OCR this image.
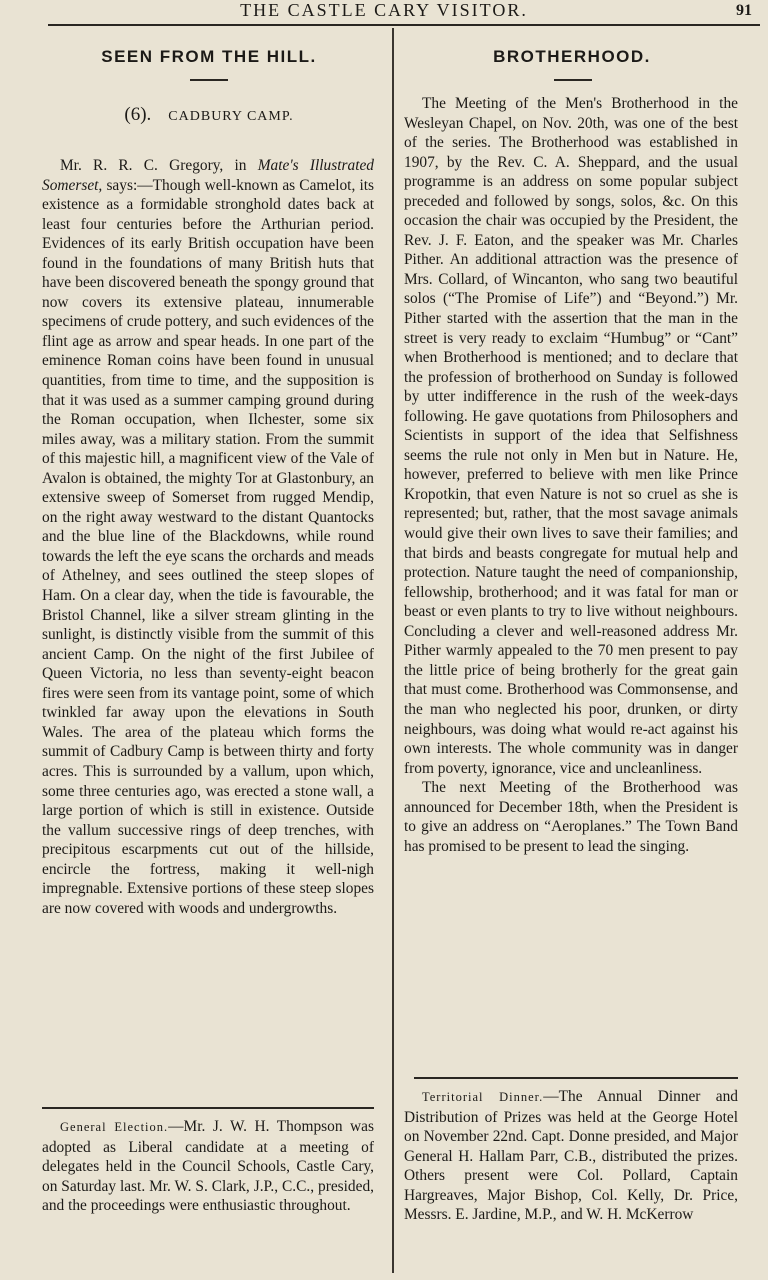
THE CASTLE CARY VISITOR.	91
SEEN FROM THE HILL.
(6). CADBURY CAMP.

Mr. R. R. C. Gregory, in Mate's Illustrated Somerset, says:—Though well-known as Camelot, its existence as a formidable stronghold dates back at least four centuries before the Arthurian period. Evidences of its early British occupation have been found in the foundations of many British huts that have been discovered beneath the spongy ground that now covers its extensive plateau, innumerable specimens of crude pottery, and such evidences of the flint age as arrow and spear heads. In one part of the eminence Roman coins have been found in unusual quantities, from time to time, and the supposition is that it was used as a summer camping ground during the Roman occupation, when Ilchester, some six miles away, was a military station. From the summit of this majestic hill, a magnificent view of the Vale of Avalon is obtained, the mighty Tor at Glastonbury, an extensive sweep of Somerset from rugged Mendip, on the right away westward to the distant Quantocks and the blue line of the Blackdowns, while round towards the left the eye scans the orchards and meads of Athelney, and sees outlined the steep slopes of Ham. On a clear day, when the tide is favourable, the Bristol Channel, like a silver stream glinting in the sunlight, is distinctly visible from the summit of this ancient Camp. On the night of the first Jubilee of Queen Victoria, no less than seventy-eight beacon fires were seen from its vantage point, some of which twinkled far away upon the elevations in South Wales. The area of the plateau which forms the summit of Cadbury Camp is between thirty and forty acres. This is surrounded by a vallum, upon which, some three centuries ago, was erected a stone wall, a large portion of which is still in existence. Outside the vallum successive rings of deep trenches, with precipitous escarpments cut out of the hillside, encircle the fortress, making it well-nigh impregnable. Extensive portions of these steep slopes are now covered with woods and undergrowths.

General Election.—Mr. J. W. H. Thompson was adopted as Liberal candidate at a meeting of delegates held in the Council Schools, Castle Cary, on Saturday last. Mr. W. S. Clark, J.P., C.C., presided, and the proceedings were enthusiastic throughout.

BROTHERHOOD.

The Meeting of the Men's Brotherhood in the Wesleyan Chapel, on Nov. 20th, was one of the best of the series. The Brotherhood was established in 1907, by the Rev. C. A. Sheppard, and the usual programme is an address on some popular subject preceded and followed by songs, solos, &c. On this occasion the chair was occupied by the President, the Rev. J. F. Eaton, and the speaker was Mr. Charles Pither. An additional attraction was the presence of Mrs. Collard, of Wincanton, who sang two beautiful solos (“The Promise of Life”) and “Beyond.”) Mr. Pither started with the assertion that the man in the street is very ready to exclaim “Humbug” or “Cant” when Brotherhood is mentioned; and to declare that the profession of brotherhood on Sunday is followed by utter indifference in the rush of the week-days following. He gave quotations from Philosophers and Scientists in support of the idea that Selfishness seems the rule not only in Men but in Nature. He, however, preferred to believe with men like Prince Kropotkin, that even Nature is not so cruel as she is represented; but, rather, that the most savage animals would give their own lives to save their families; and that birds and beasts congregate for mutual help and protection. Nature taught the need of companionship, fellowship, brotherhood; and it was fatal for man or beast or even plants to try to live without neighbours. Concluding a clever and well-reasoned address Mr. Pither warmly appealed to the 70 men present to pay the little price of being brotherly for the great gain that must come. Brotherhood was Commonsense, and the man who neglected his poor, drunken, or dirty neighbours, was doing what would re-act against his own interests. The whole community was in danger from poverty, ignorance, vice and uncleanliness.
The next Meeting of the Brotherhood was announced for December 18th, when the President is to give an address on “Aeroplanes.” The Town Band has promised to be present to lead the singing.

Territorial Dinner.—The Annual Dinner and Distribution of Prizes was held at the George Hotel on November 22nd. Capt. Donne presided, and Major General H. Hallam Parr, C.B., distributed the prizes. Others present were Col. Pollard, Captain Hargreaves, Major Bishop, Col. Kelly, Dr. Price, Messrs. E. Jardine, M.P., and W. H. McKerrow
